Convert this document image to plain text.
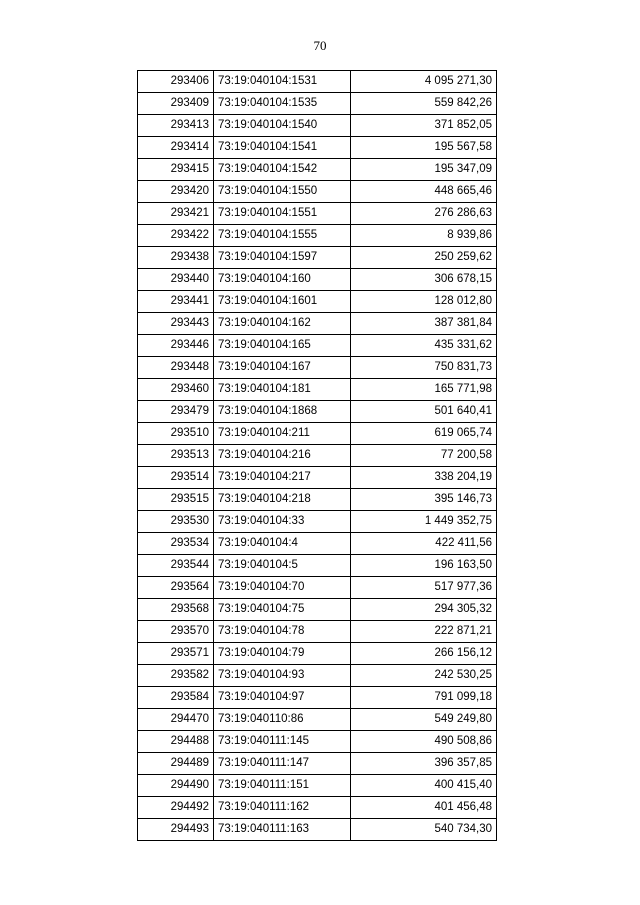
70
293406	73:19:040104:1531	4 095 271,30
293409	73:19:040104:1535	559 842,26
293413	73:19:040104:1540	371 852,05
293414	73:19:040104:1541	195 567,58
293415	73:19:040104:1542	195 347,09
293420	73:19:040104:1550	448 665,46
293421	73:19:040104:1551	276 286,63
293422	73:19:040104:1555	8 939,86
293438	73:19:040104:1597	250 259,62
293440	73:19:040104:160	306 678,15
293441	73:19:040104:1601	128 012,80
293443	73:19:040104:162	387 381,84
293446	73:19:040104:165	435 331,62
293448	73:19:040104:167	750 831,73
293460	73:19:040104:181	165 771,98
293479	73:19:040104:1868	501 640,41
293510	73:19:040104:211	619 065,74
293513	73:19:040104:216	77 200,58
293514	73:19:040104:217	338 204,19
293515	73:19:040104:218	395 146,73
293530	73:19:040104:33	1 449 352,75
293534	73:19:040104:4	422 411,56
293544	73:19:040104:5	196 163,50
293564	73:19:040104:70	517 977,36
293568	73:19:040104:75	294 305,32
293570	73:19:040104:78	222 871,21
293571	73:19:040104:79	266 156,12
293582	73:19:040104:93	242 530,25
293584	73:19:040104:97	791 099,18
294470	73:19:040110:86	549 249,80
294488	73:19:040111:145	490 508,86
294489	73:19:040111:147	396 357,85
294490	73:19:040111:151	400 415,40
294492	73:19:040111:162	401 456,48
294493	73:19:040111:163	540 734,30
